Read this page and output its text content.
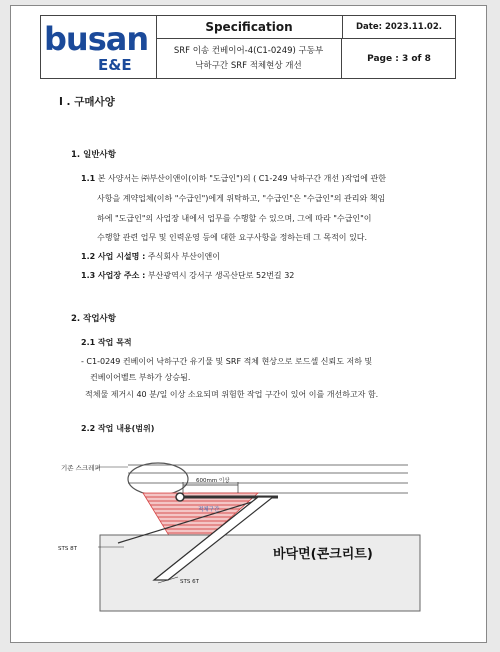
busan
E&E
Specification
SRF 이송 컨베이어-4(C1-0249) 구동부
낙하구간 SRF 적체현상 개선
Date: 2023.11.02.
Page : 3 of 8
I . 구매사양
1. 일반사항
1.1 본 사양서는 ㈜부산이앤이(이하 "도급인")의 ( C1-249 낙하구간 개선 )작업에 관한
사항을 계약업체(이하 "수급인")에게 위탁하고, "수급인"은 "수급인"의 관리와 책임
하에 "도급인"의 사업장 내에서 업무를 수행할 수 있으며, 그에 따라 "수급인"이
수행할 관련 업무 및 인력운영 등에 대한 요구사항을 정하는데 그 목적이 있다.
1.2 사업 시설명 : 주식회사 부산이앤이
1.3 사업장 주소 : 부산광역시 강서구 생곡산단로 52번길 32
2. 작업사항
2.1 작업 목적
- C1-0249 컨베이어 낙하구간 유기물 및 SRF 적체 현상으로 로드셀 신뢰도 저하 및
컨베이어벨트 부하가 상승됨.
적체물 제거시 40 분/일 이상 소요되며 위험한 작업 구간이 있어 이를 개선하고자 함.
2.2 작업 내용(범위)
기존 스크레퍼
600mm 이상
적체구간
STS 8T
STS 6T
바닥면(콘크리트)
